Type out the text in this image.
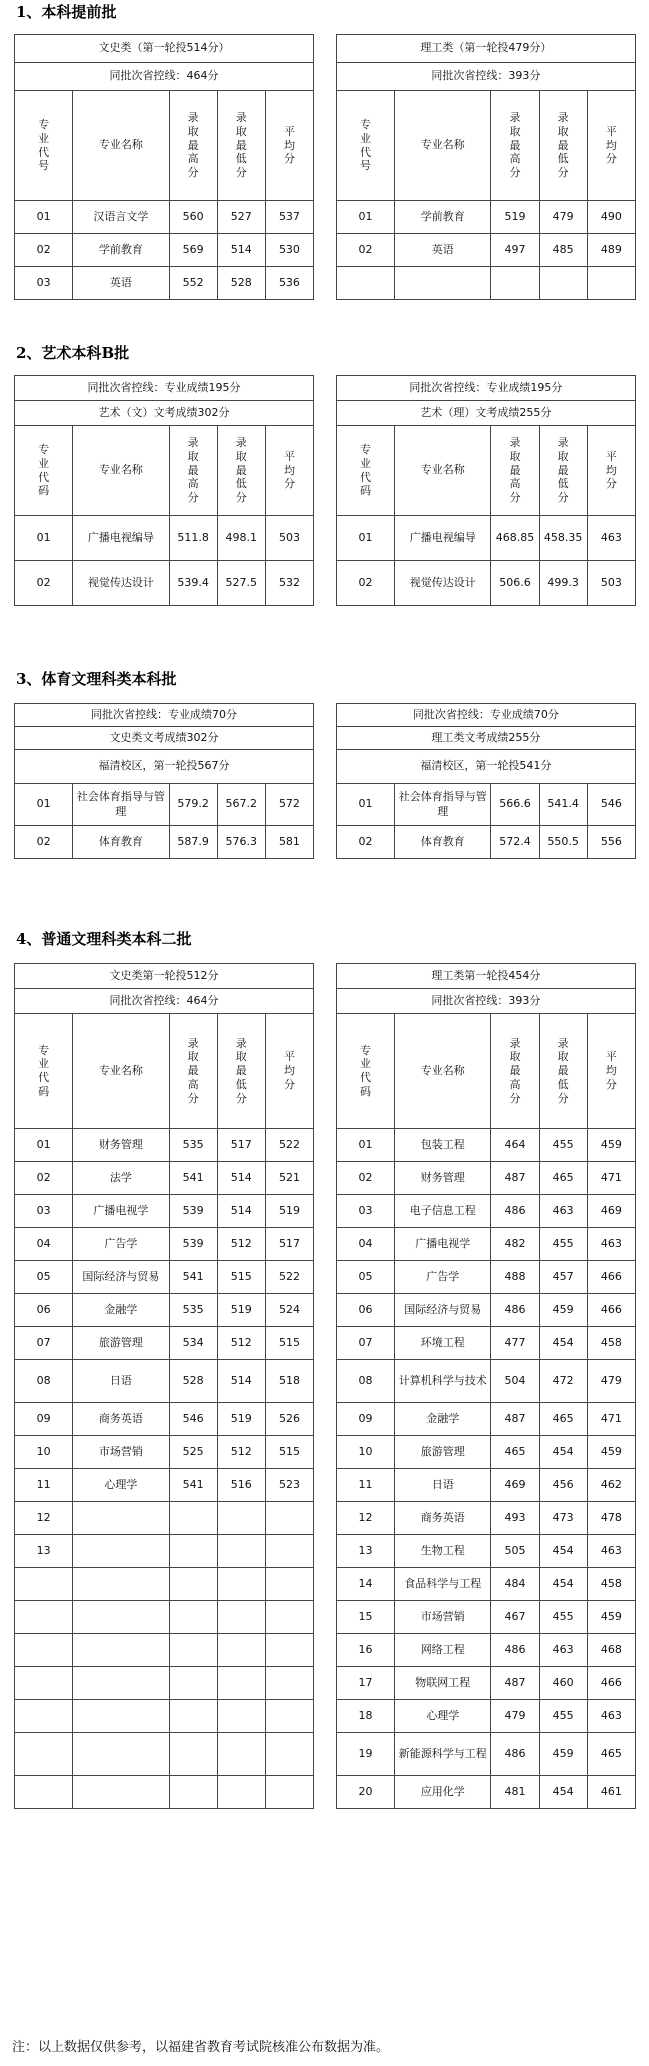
1、本科提前批
文史类（第一轮投514分）						理工类（第一轮投479分）				
同批次省控线：464分						同批次省控线：393分				

专业代号	专业名称	录取最高分	录取最低分	平均分		专业代号	专业名称	录取最高分	录取最低分	平均分

01	汉语言文学	560	527	537		01	学前教育	519	479	490
02	学前教育	569	514	530		02	英语	497	485	489
03	英语	552	528	536						
2、艺术本科B批
同批次省控线：专业成绩195分						同批次省控线：专业成绩195分				
艺术（文）文考成绩302分						艺术（理）文考成绩255分				

专业代码	专业名称	录取最高分	录取最低分	平均分		专业代码	专业名称	录取最高分	录取最低分	平均分

01	广播电视编导	511.8	498.1	503		01	广播电视编导	468.85	458.35	463
02	视觉传达设计	539.4	527.5	532		02	视觉传达设计	506.6	499.3	503
3、体育文理科类本科批
同批次省控线：专业成绩70分						同批次省控线：专业成绩70分				
文史类文考成绩302分						理工类文考成绩255分				
福清校区，第一轮投567分						福清校区，第一轮投541分				
01	社会体育指导与管理	579.2	567.2	572		01	社会体育指导与管理	566.6	541.4	546
02	体育教育	587.9	576.3	581		02	体育教育	572.4	550.5	556
4、普通文理科类本科二批
文史类第一轮投512分						理工类第一轮投454分				
同批次省控线：464分						同批次省控线：393分				

专业代码	专业名称	录取最高分	录取最低分	平均分		专业代码	专业名称	录取最高分	录取最低分	平均分

01	财务管理	535	517	522		01	包装工程	464	455	459
02	法学	541	514	521		02	财务管理	487	465	471
03	广播电视学	539	514	519		03	电子信息工程	486	463	469
04	广告学	539	512	517		04	广播电视学	482	455	463
05	国际经济与贸易	541	515	522		05	广告学	488	457	466
06	金融学	535	519	524		06	国际经济与贸易	486	459	466
07	旅游管理	534	512	515		07	环境工程	477	454	458
08	日语	528	514	518		08	计算机科学与技术	504	472	479
09	商务英语	546	519	526		09	金融学	487	465	471
10	市场营销	525	512	515		10	旅游管理	465	454	459
11	心理学	541	516	523		11	日语	469	456	462
12						12	商务英语	493	473	478
13						13	生物工程	505	454	463
						14	食品科学与工程	484	454	458
						15	市场营销	467	455	459
						16	网络工程	486	463	468
						17	物联网工程	487	460	466
						18	心理学	479	455	463
						19	新能源科学与工程	486	459	465
						20	应用化学	481	454	461
注：以上数据仅供参考，以福建省教育考试院核准公布数据为准。
